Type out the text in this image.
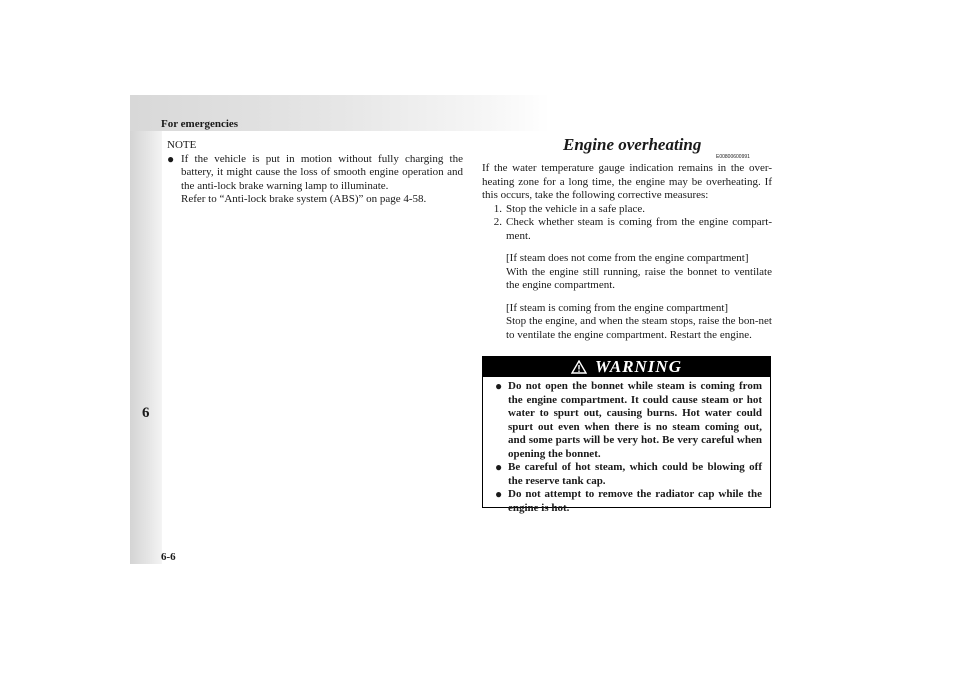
For emergencies
6
6-6

NOTE

● If the vehicle is put in motion without fully charging the battery, it might cause the loss of smooth engine operation and the anti-lock brake warning lamp to illuminate.

Refer to “Anti-lock brake system (ABS)” on page 4-58.

Engine overheating
E00800600991

If the water temperature gauge indication remains in the over-heating zone for a long time, the engine may be overheating. If this occurs, take the following corrective measures:

1. Stop the vehicle in a safe place.
2. Check whether steam is coming from the engine compart-ment.

[If steam does not come from the engine compartment]

With the engine still running, raise the bonnet to ventilate the engine compartment.

[If steam is coming from the engine compartment]

Stop the engine, and when the steam stops, raise the bon-net to ventilate the engine compartment. Restart the engine.

WARNING
● Do not open the bonnet while steam is coming from the engine compartment. It could cause steam or hot water to spurt out, causing burns. Hot water could spurt out even when there is no steam coming out, and some parts will be very hot. Be very careful when opening the bonnet.
● Be careful of hot steam, which could be blowing off the reserve tank cap.
● Do not attempt to remove the radiator cap while the engine is hot.
